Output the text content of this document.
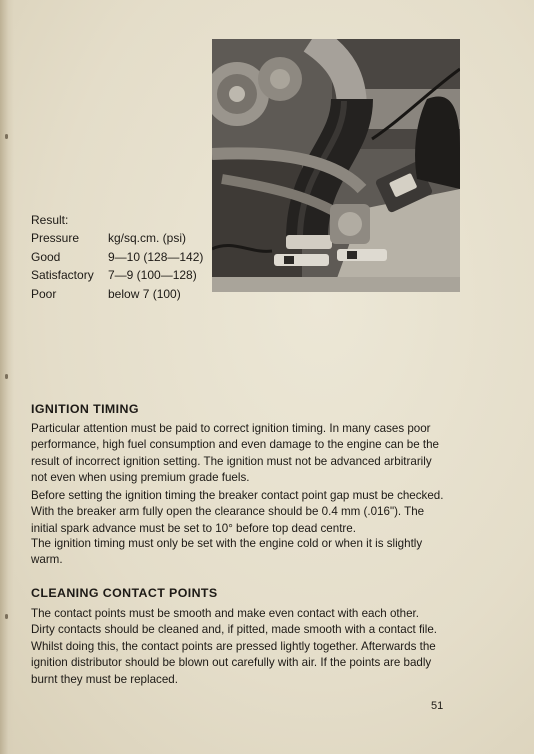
Result:
Pressure	kg/sq.cm. (psi)
Good	9—10 (128—142)
Satisfactory	7—9 (100—128)
Poor	below 7 (100)
IGNITION TIMING

Particular attention must be paid to correct ignition timing. In many cases poor performance, high fuel consumption and even damage to the engine can be the result of incorrect ignition setting. The ignition must not be advanced arbitrarily not even when using premium grade fuels.

Before setting the ignition timing the breaker contact point gap must be checked. With the breaker arm fully open the clearance should be 0.4 mm (.016"). The initial spark advance must be set to 10° before top dead centre.

The ignition timing must only be set with the engine cold or when it is slightly warm.

CLEANING CONTACT POINTS

The contact points must be smooth and make even contact with each other. Dirty contacts should be cleaned and, if pitted, made smooth with a contact file. Whilst doing this, the contact points are pressed lightly together. Afterwards the ignition distributor should be blown out carefully with air. If the points are badly burnt they must be replaced.

51
